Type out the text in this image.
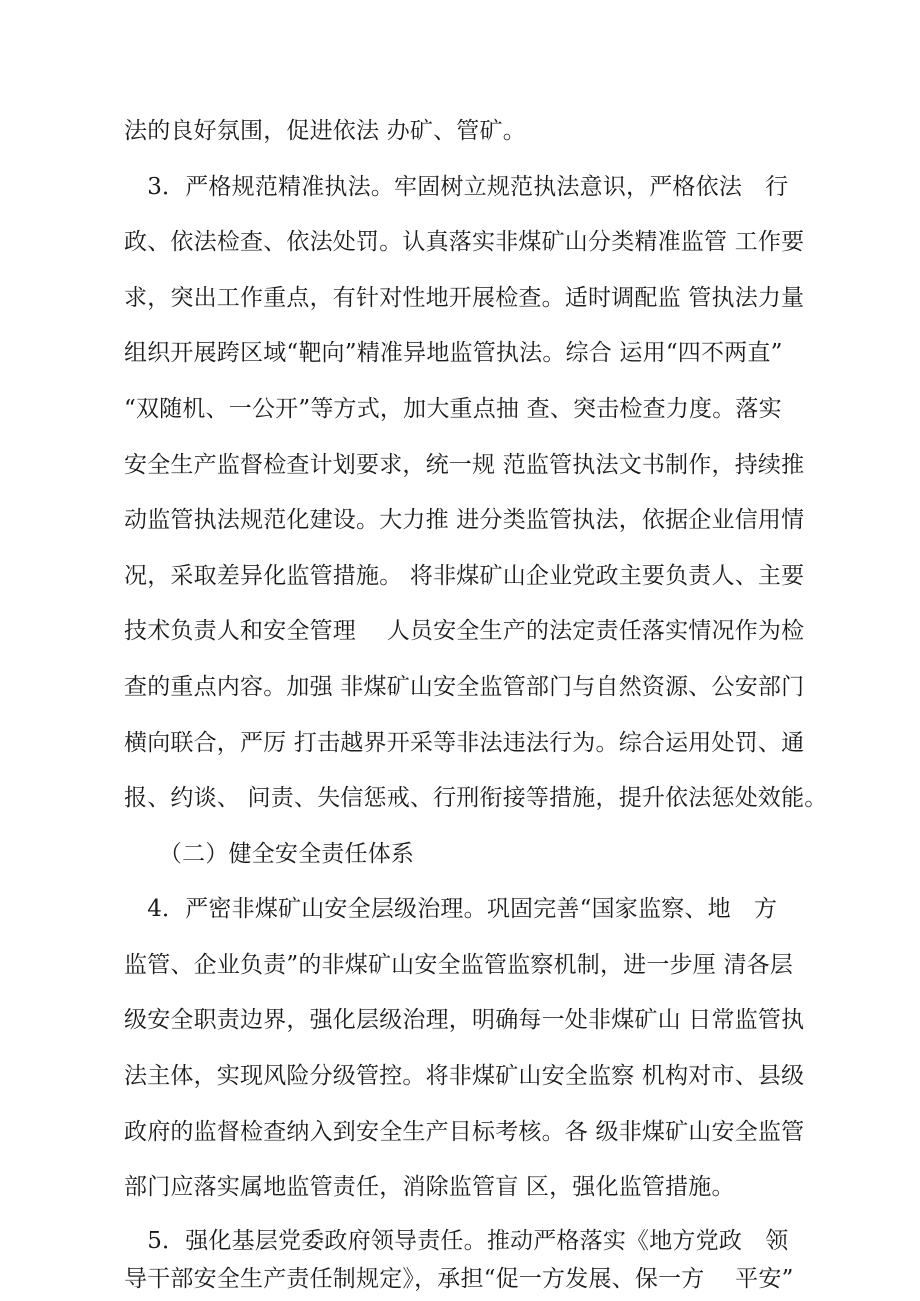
法的良好氛围，促进依法 办矿、管矿。
　3．严格规范精准执法。牢固树立规范执法意识，严格依法　行
政、依法检查、依法处罚。认真落实非煤矿山分类精准监管 工作要
求，突出工作重点，有针对性地开展检查。适时调配监 管执法力量
组织开展跨区域“靶向”精准异地监管执法。综合 运用“四不两直”
“双随机、一公开”等方式，加大重点抽 查、突击检查力度。落实
安全生产监督检查计划要求，统一规 范监管执法文书制作，持续推
动监管执法规范化建设。大力推 进分类监管执法，依据企业信用情
况，采取差异化监管措施。 将非煤矿山企业党政主要负责人、主要
技术负责人和安全管理　 人员安全生产的法定责任落实情况作为检
查的重点内容。加强 非煤矿山安全监管部门与自然资源、公安部门
横向联合，严厉 打击越界开采等非法违法行为。综合运用处罚、通
报、约谈、 问责、失信惩戒、行刑衔接等措施，提升依法惩处效能。
　　（二）健全安全责任体系
　4．严密非煤矿山安全层级治理。巩固完善“国家监察、地　方
监管、企业负责”的非煤矿山安全监管监察机制，进一步厘 清各层
级安全职责边界，强化层级治理，明确每一处非煤矿山 日常监管执
法主体，实现风险分级管控。将非煤矿山安全监察 机构对市、县级
政府的监督检查纳入到安全生产目标考核。各 级非煤矿山安全监管
部门应落实属地监管责任，消除监管盲 区，强化监管措施。
　5．强化基层党委政府领导责任。推动严格落实《地方党政　领
导干部安全生产责任制规定》，承担“促一方发展、保一方　 平安”
